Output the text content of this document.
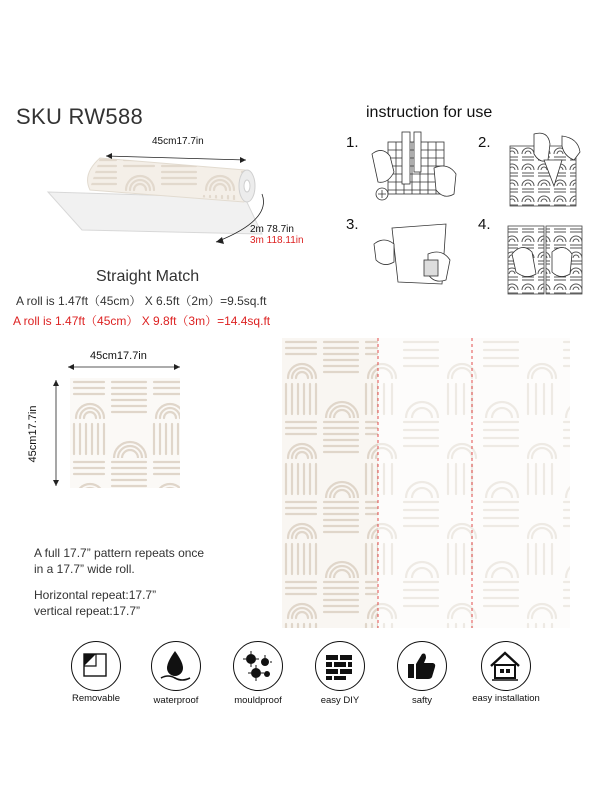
SKU RW588	instruction for use
45cm17.7in
2m 78.7in
3m 118.11in
1.	2.
3.	4.
Straight Match
A roll is 1.47ft（45cm） X 6.5ft（2m）=9.5sq.ft
A roll is 1.47ft（45cm） X 9.8ft（3m）=14.4sq.ft
45cm17.7in
45cm17.7in
A full 17.7” pattern repeats once
in a 17.7” wide roll.
Horizontal repeat:17.7”
vertical repeat:17.7”
Removable	waterproof	mouldproof	easy DIY	safty	easy installation
